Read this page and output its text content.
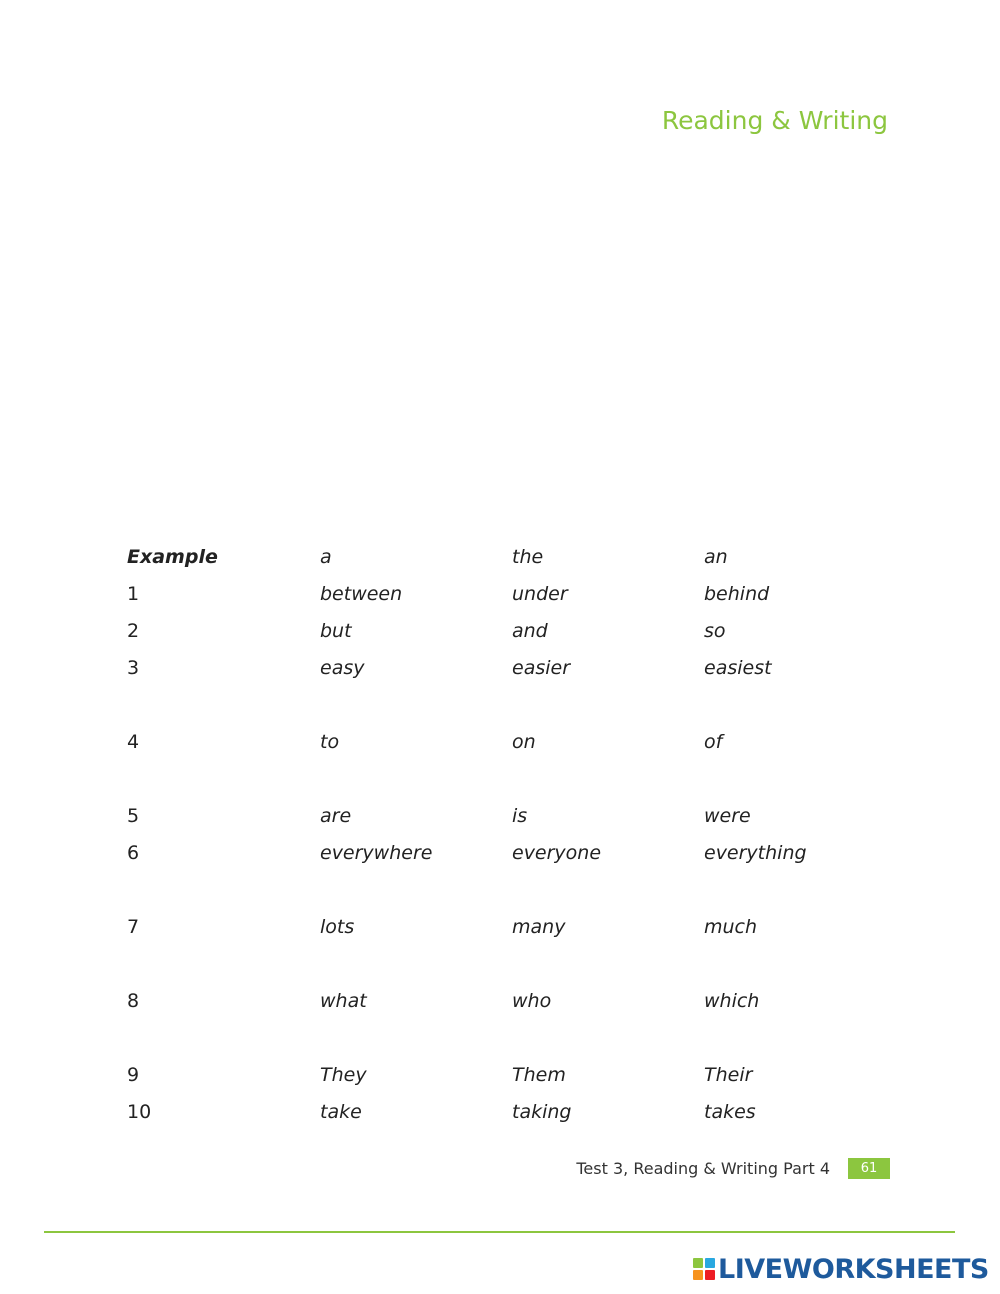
Reading & Writing
Example	a	the	an
1	between	under	behind
2	but	and	so
3	easy	easier	easiest
4	to	on	of
5	are	is	were
6	everywhere	everyone	everything
7	lots	many	much
8	what	who	which
9	They	Them	Their
10	take	taking	takes
Test 3, Reading & Writing Part 4	61
LIVEWORKSHEETS
